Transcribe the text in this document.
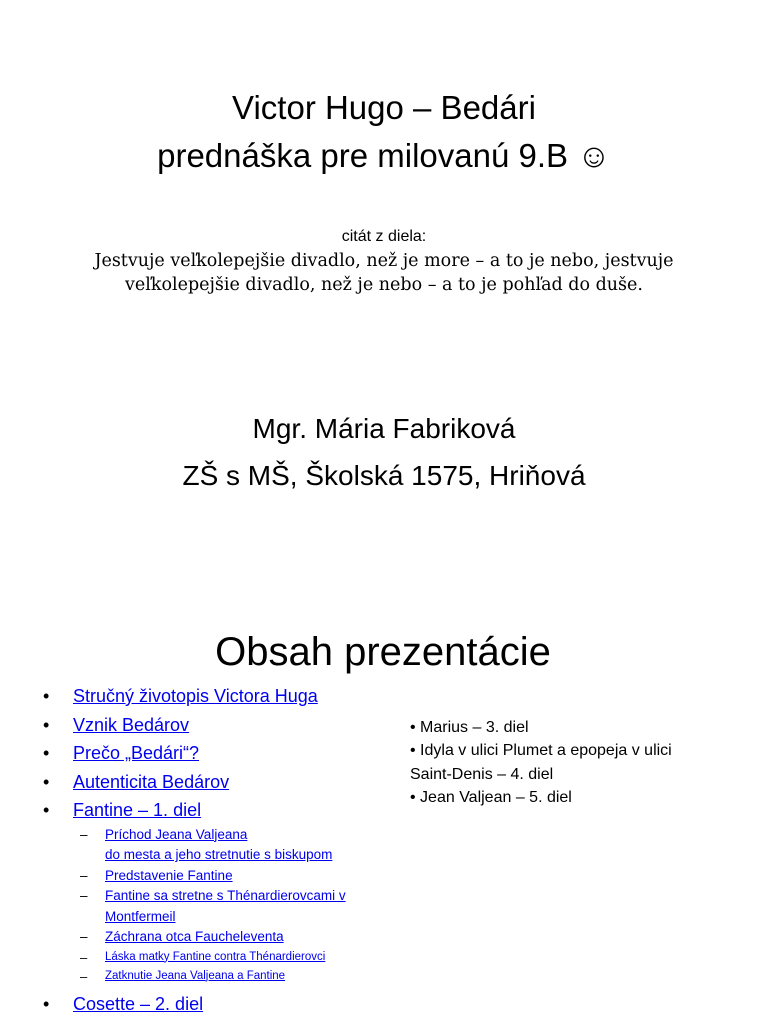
Victor Hugo – Bedári
prednáška pre milovanú 9.B ☺
citát z diela:
Jestvuje veľkolepejšie divadlo, než je more – a to je nebo, jestvuje
veľkolepejšie divadlo, než je nebo – a to je pohľad do duše.
Mgr. Mária Fabriková
ZŠ s MŠ, Školská 1575, Hriňová
Obsah prezentácie
• Stručný životopis Victora Huga
• Vznik Bedárov
• Prečo „Bedári“?
• Autenticita Bedárov
• Fantine – 1. diel
– Príchod Jeana Valjeana
do mesta a jeho stretnutie s biskupom
– Predstavenie Fantine
– Fantine sa stretne s Thénardierovcami v
Montfermeil
– Záchrana otca Faucheleventa
– Láska matky Fantine contra Thénardierovci
– Zatknutie Jeana Valjeana a Fantine
• Cosette – 2. diel

• Marius – 3. diel

• Idyla v ulici Plumet a epopeja v ulici

Saint-Denis – 4. diel

• Jean Valjean – 5. diel
